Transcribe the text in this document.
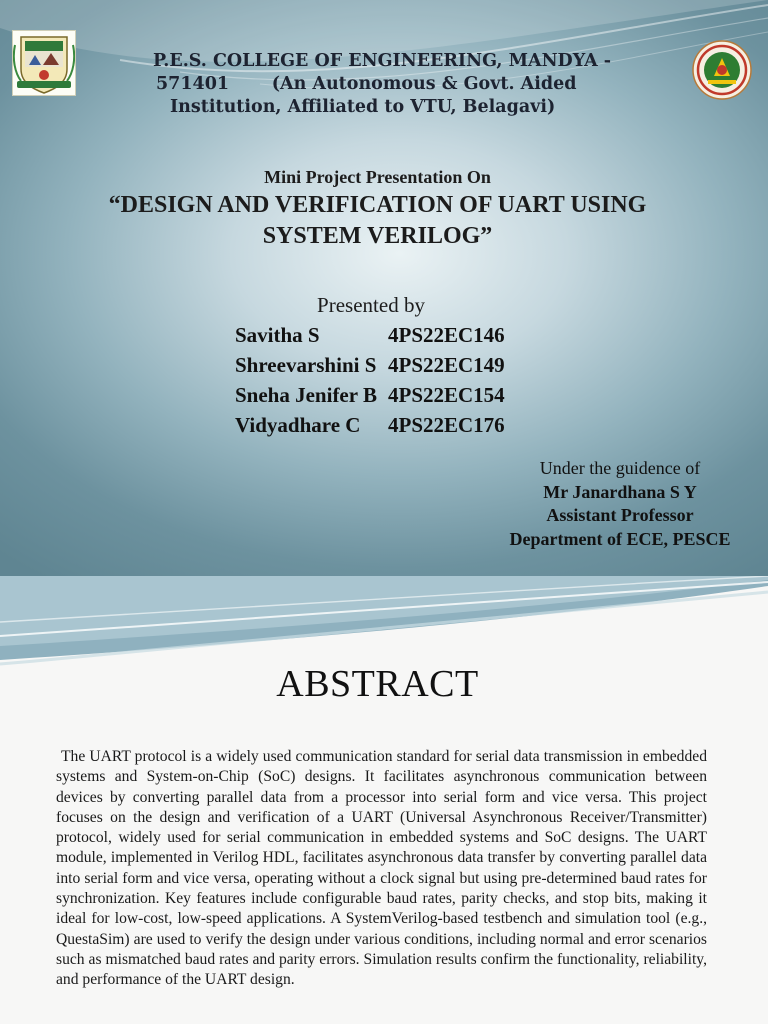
P.E.S. COLLEGE OF ENGINEERING, MANDYA -
571401       (An Autonomous & Govt. Aided
Institution, Affiliated to VTU, Belagavi)
Mini Project Presentation On
“DESIGN AND VERIFICATION OF UART USING
SYSTEM VERILOG”
Presented by
Savitha S	4PS22EC146
Shreevarshini S 4PS22EC149
Sneha Jenifer B 4PS22EC154
Vidyadhare C 4PS22EC176
Under the guidence of
Mr Janardhana S Y
Assistant Professor
Department of ECE, PESCE
ABSTRACT
The UART protocol is a widely used communication standard for serial data transmission in embedded systems and System-on-Chip (SoC) designs. It facilitates asynchronous communication between devices by converting parallel data from a processor into serial form and vice versa. This project focuses on the design and verification of a UART (Universal Asynchronous Receiver/Transmitter) protocol, widely used for serial communication in embedded systems and SoC designs. The UART module, implemented in Verilog HDL, facilitates asynchronous data transfer by converting parallel data into serial form and vice versa, operating without a clock signal but using pre-determined baud rates for synchronization. Key features include configurable baud rates, parity checks, and stop bits, making it ideal for low-cost, low-speed applications. A SystemVerilog-based testbench and simulation tool (e.g., QuestaSim) are used to verify the design under various conditions, including normal and error scenarios such as mismatched baud rates and parity errors. Simulation results confirm the functionality, reliability, and performance of the UART design.
